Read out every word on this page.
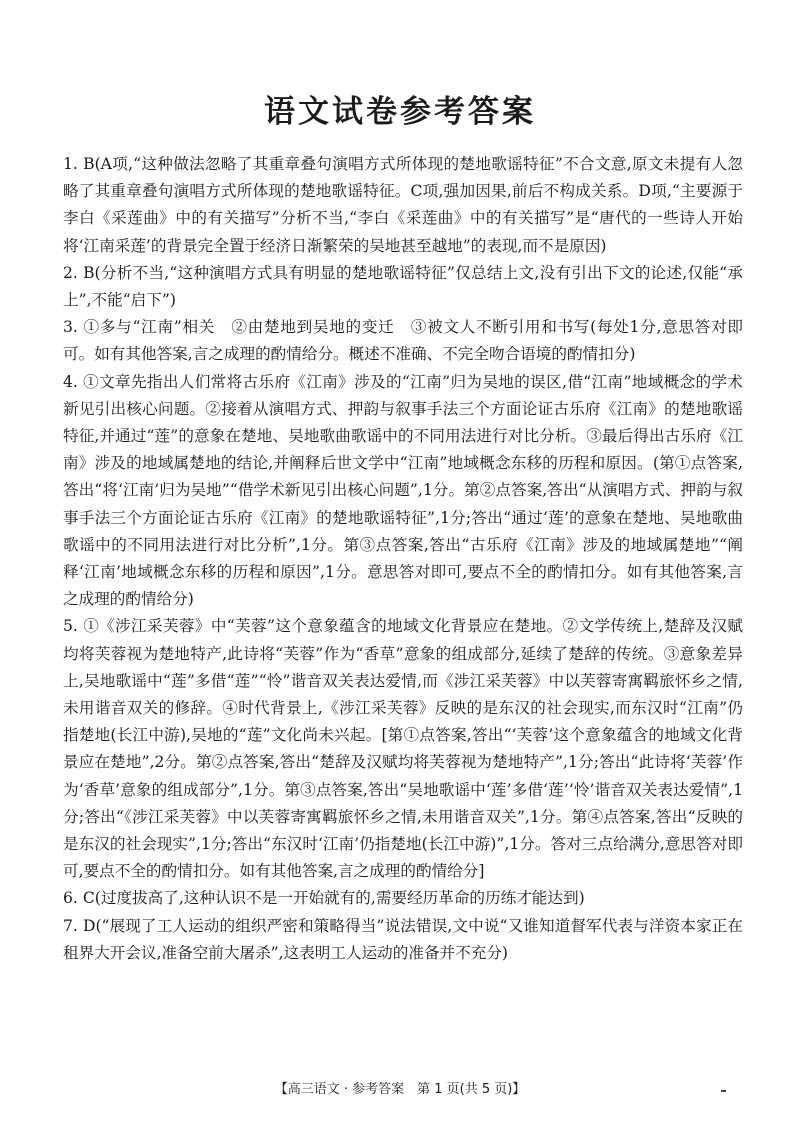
语文试卷参考答案
1. B(A项,“这种做法忽略了其重章叠句演唱方式所体现的楚地歌谣特征”不合文意,原文未提有人忽略了其重章叠句演唱方式所体现的楚地歌谣特征。C项,强加因果,前后不构成关系。D项,“主要源于李白《采莲曲》中的有关描写”分析不当,“李白《采莲曲》中的有关描写”是“唐代的一些诗人开始将‘江南采莲’的背景完全置于经济日渐繁荣的吴地甚至越地”的表现,而不是原因)
2. B(分析不当,“这种演唱方式具有明显的楚地歌谣特征”仅总结上文,没有引出下文的论述,仅能“承上”,不能“启下”)
3. ①多与“江南”相关　②由楚地到吴地的变迁　③被文人不断引用和书写(每处1分,意思答对即可。如有其他答案,言之成理的酌情给分。概述不准确、不完全吻合语境的酌情扣分)
4. ①文章先指出人们常将古乐府《江南》涉及的“江南”归为吴地的误区,借“江南”地域概念的学术新见引出核心问题。②接着从演唱方式、押韵与叙事手法三个方面论证古乐府《江南》的楚地歌谣特征,并通过“莲”的意象在楚地、吴地歌曲歌谣中的不同用法进行对比分析。③最后得出古乐府《江南》涉及的地域属楚地的结论,并阐释后世文学中“江南”地域概念东移的历程和原因。(第①点答案,答出“将‘江南’归为吴地”“借学术新见引出核心问题”,1分。第②点答案,答出“从演唱方式、押韵与叙事手法三个方面论证古乐府《江南》的楚地歌谣特征”,1分;答出“通过‘莲’的意象在楚地、吴地歌曲歌谣中的不同用法进行对比分析”,1分。第③点答案,答出“古乐府《江南》涉及的地域属楚地”“阐释‘江南’地域概念东移的历程和原因”,1分。意思答对即可,要点不全的酌情扣分。如有其他答案,言之成理的酌情给分)
5. ①《涉江采芙蓉》中“芙蓉”这个意象蕴含的地域文化背景应在楚地。②文学传统上,楚辞及汉赋均将芙蓉视为楚地特产,此诗将“芙蓉”作为“香草”意象的组成部分,延续了楚辞的传统。③意象差异上,吴地歌谣中“莲”多借“莲”“怜”谐音双关表达爱情,而《涉江采芙蓉》中以芙蓉寄寓羁旅怀乡之情,未用谐音双关的修辞。④时代背景上,《涉江采芙蓉》反映的是东汉的社会现实,而东汉时“江南”仍指楚地(长江中游),吴地的“莲”文化尚未兴起。[第①点答案,答出“‘芙蓉’这个意象蕴含的地域文化背景应在楚地”,2分。第②点答案,答出“楚辞及汉赋均将芙蓉视为楚地特产”,1分;答出“此诗将‘芙蓉’作为‘香草’意象的组成部分”,1分。第③点答案,答出“吴地歌谣中‘莲’多借‘莲’‘怜’谐音双关表达爱情”,1分;答出“《涉江采芙蓉》中以芙蓉寄寓羁旅怀乡之情,未用谐音双关”,1分。第④点答案,答出“反映的是东汉的社会现实”,1分;答出“东汉时‘江南’仍指楚地(长江中游)”,1分。答对三点给满分,意思答对即可,要点不全的酌情扣分。如有其他答案,言之成理的酌情给分]
6. C(过度拔高了,这种认识不是一开始就有的,需要经历革命的历练才能达到)
7. D(“展现了工人运动的组织严密和策略得当”说法错误,文中说“又谁知道督军代表与洋资本家正在租界大开会议,准备空前大屠杀”,这表明工人运动的准备并不充分)
【高三语文 · 参考答案　第 1 页(共 5 页)】
